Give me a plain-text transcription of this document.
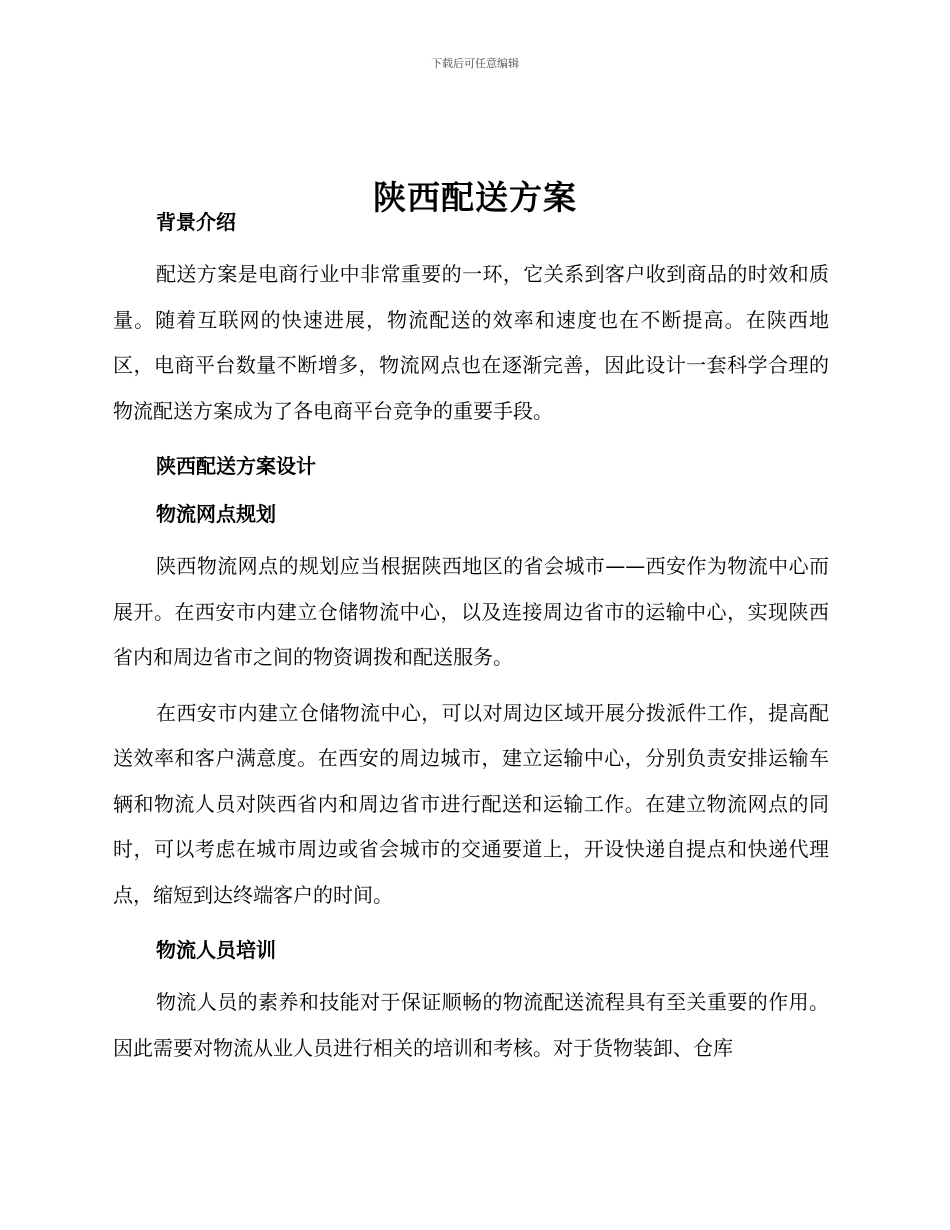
下载后可任意编辑
陕西配送方案
背景介绍

配送方案是电商行业中非常重要的一环，它关系到客户收到商品的时效和质量。随着互联网的快速进展，物流配送的效率和速度也在不断提高。在陕西地区，电商平台数量不断增多，物流网点也在逐渐完善，因此设计一套科学合理的物流配送方案成为了各电商平台竞争的重要手段。

陕西配送方案设计
物流网点规划

陕西物流网点的规划应当根据陕西地区的省会城市——西安作为物流中心而展开。在西安市内建立仓储物流中心，以及连接周边省市的运输中心，实现陕西省内和周边省市之间的物资调拨和配送服务。

在西安市内建立仓储物流中心，可以对周边区域开展分拨派件工作，提高配送效率和客户满意度。在西安的周边城市，建立运输中心，分别负责安排运输车辆和物流人员对陕西省内和周边省市进行配送和运输工作。在建立物流网点的同时，可以考虑在城市周边或省会城市的交通要道上，开设快递自提点和快递代理点，缩短到达终端客户的时间。

物流人员培训

物流人员的素养和技能对于保证顺畅的物流配送流程具有至关重要的作用。因此需要对物流从业人员进行相关的培训和考核。对于货物装卸、仓库
